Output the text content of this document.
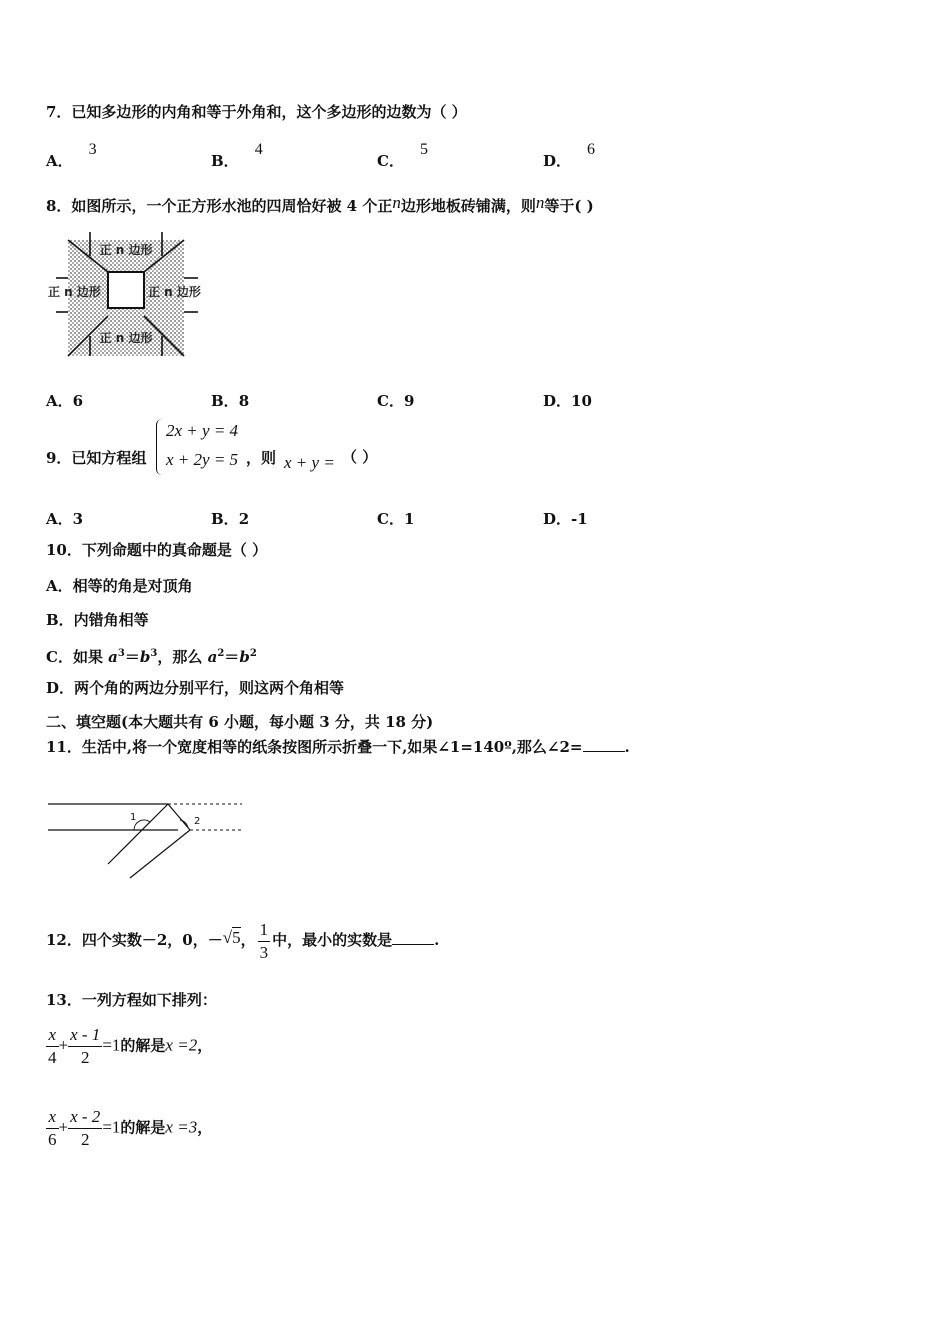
7．已知多边形的内角和等于外角和，这个多边形的边数为（ ）
A．3
B．4
C．5
D．6
8．如图所示，一个正方形水池的四周恰好被 4 个正n边形地板砖铺满，则n等于( )
正 n 边形
正 n 边形	正 n 边形
正 n 边形
A．6	B．8	C．9	D．10
9．已知方程组
2x + y = 4
x + 2y = 5 ，则 x + y = （ ）
A．3	B．2	C．1	D．-1
10．下列命题中的真命题是（ ）
A．相等的角是对顶角
B．内错角相等
C．如果 $a^3=b^3$，那么 $a^2=b^2$
D．两个角的两边分别平行，则这两个角相等
二、填空题(本大题共有 6 小题，每小题 3 分，共 18 分)
11．生活中,将一个宽度相等的纸条按图所示折叠一下,如果∠1=140º,那么∠2=	.
1	2
12．四个实数－2，0，－√5， $\frac{1}{3}$ 中，最小的实数是	.
13．一列方程如下排列：
$\frac{x}{4} + \frac{x - 1}{2} =1$的解是x =2，
$\frac{x}{6} + \frac{x - 2}{2} =1$的解是x =3，
